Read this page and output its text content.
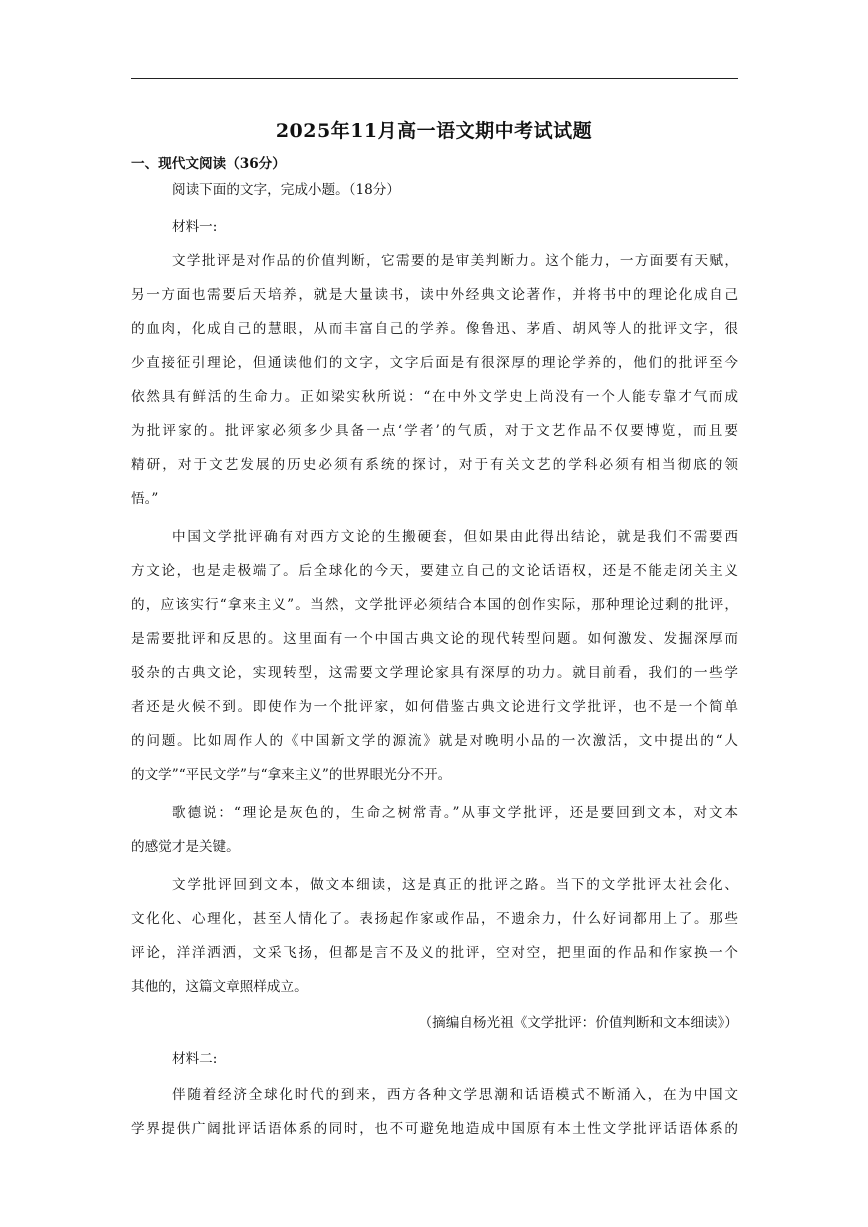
2025年11月高一语文期中考试试题
一、现代文阅读（36分）
阅读下面的文字，完成小题。（18分）
材料一:
文学批评是对作品的价值判断，它需要的是审美判断力。这个能力，一方面要有天赋，
另一方面也需要后天培养，就是大量读书，读中外经典文论著作，并将书中的理论化成自己
的血肉，化成自己的慧眼，从而丰富自己的学养。像鲁迅、茅盾、胡风等人的批评文字，很
少直接征引理论，但通读他们的文字，文字后面是有很深厚的理论学养的，他们的批评至今
依然具有鲜活的生命力。正如梁实秋所说：“在中外文学史上尚没有一个人能专靠才气而成
为批评家的。批评家必须多少具备一点‘学者’的气质，对于文艺作品不仅要博览，而且要
精研，对于文艺发展的历史必须有系统的探讨，对于有关文艺的学科必须有相当彻底的领
悟。”
中国文学批评确有对西方文论的生搬硬套，但如果由此得出结论，就是我们不需要西
方文论，也是走极端了。后全球化的今天，要建立自己的文论话语权，还是不能走闭关主义
的，应该实行“拿来主义”。当然，文学批评必须结合本国的创作实际，那种理论过剩的批评，
是需要批评和反思的。这里面有一个中国古典文论的现代转型问题。如何激发、发掘深厚而
驳杂的古典文论，实现转型，这需要文学理论家具有深厚的功力。就目前看，我们的一些学
者还是火候不到。即使作为一个批评家，如何借鉴古典文论进行文学批评，也不是一个简单
的问题。比如周作人的《中国新文学的源流》就是对晚明小品的一次激活，文中提出的“人
的文学”“平民文学”与“拿来主义”的世界眼光分不开。
歌德说：“理论是灰色的，生命之树常青。”从事文学批评，还是要回到文本，对文本
的感觉才是关键。
文学批评回到文本，做文本细读，这是真正的批评之路。当下的文学批评太社会化、
文化化、心理化，甚至人情化了。表扬起作家或作品，不遗余力，什么好词都用上了。那些
评论，洋洋洒洒，文采飞扬，但都是言不及义的批评，空对空，把里面的作品和作家换一个
其他的，这篇文章照样成立。
（摘编自杨光祖《文学批评：价值判断和文本细读》）
材料二:
伴随着经济全球化时代的到来，西方各种文学思潮和话语模式不断涌入，在为中国文
学界提供广阔批评话语体系的同时，也不可避免地造成中国原有本土性文学批评话语体系的
